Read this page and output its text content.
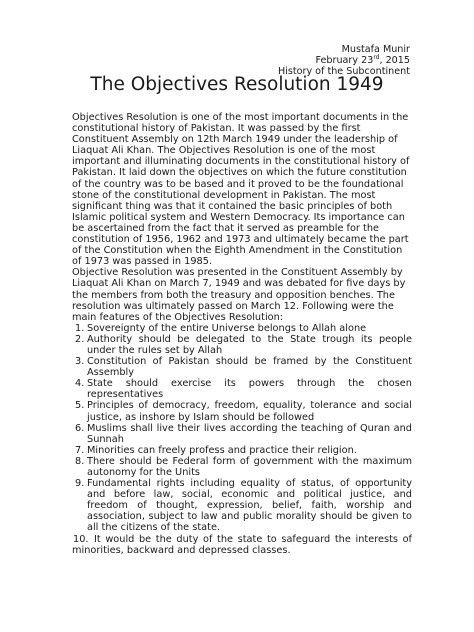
Mustafa Munir
February 23rd, 2015
History of the Subcontinent
The Objectives Resolution 1949

Objectives Resolution is one of the most important documents in the constitutional history of Pakistan. It was passed by the first Constituent Assembly on 12th March 1949 under the leadership of Liaquat Ali Khan. The Objectives Resolution is one of the most important and illuminating documents in the constitutional history of Pakistan. It laid down the objectives on which the future constitution of the country was to be based and it proved to be the foundational stone of the constitutional development in Pakistan. The most significant thing was that it contained the basic principles of both Islamic political system and Western Democracy. Its importance can be ascertained from the fact that it served as preamble for the constitution of 1956, 1962 and 1973 and ultimately became the part of the Constitution when the Eighth Amendment in the Constitution of 1973 was passed in 1985.

Objective Resolution was presented in the Constituent Assembly by Liaquat Ali Khan on March 7, 1949 and was debated for five days by the members from both the treasury and opposition benches. The resolution was ultimately passed on March 12. Following were the main features of the Objectives Resolution:

1. Sovereignty of the entire Universe belongs to Allah alone
2. Authority should be delegated to the State trough its people under the rules set by Allah
3. Constitution of Pakistan should be framed by the Constituent Assembly
4. State should exercise its powers through the chosen representatives
5. Principles of democracy, freedom, equality, tolerance and social justice, as inshore by Islam should be followed
6. Muslims shall live their lives according the teaching of Quran and Sunnah
7. Minorities can freely profess and practice their religion.
8. There should be Federal form of government with the maximum autonomy for the Units
9. Fundamental rights including equality of status, of opportunity and before law, social, economic and political justice, and freedom of thought, expression, belief, faith, worship and association, subject to law and public morality should be given to all the citizens of the state.
10. It would be the duty of the state to safeguard the interests of minorities, backward and depressed classes.
